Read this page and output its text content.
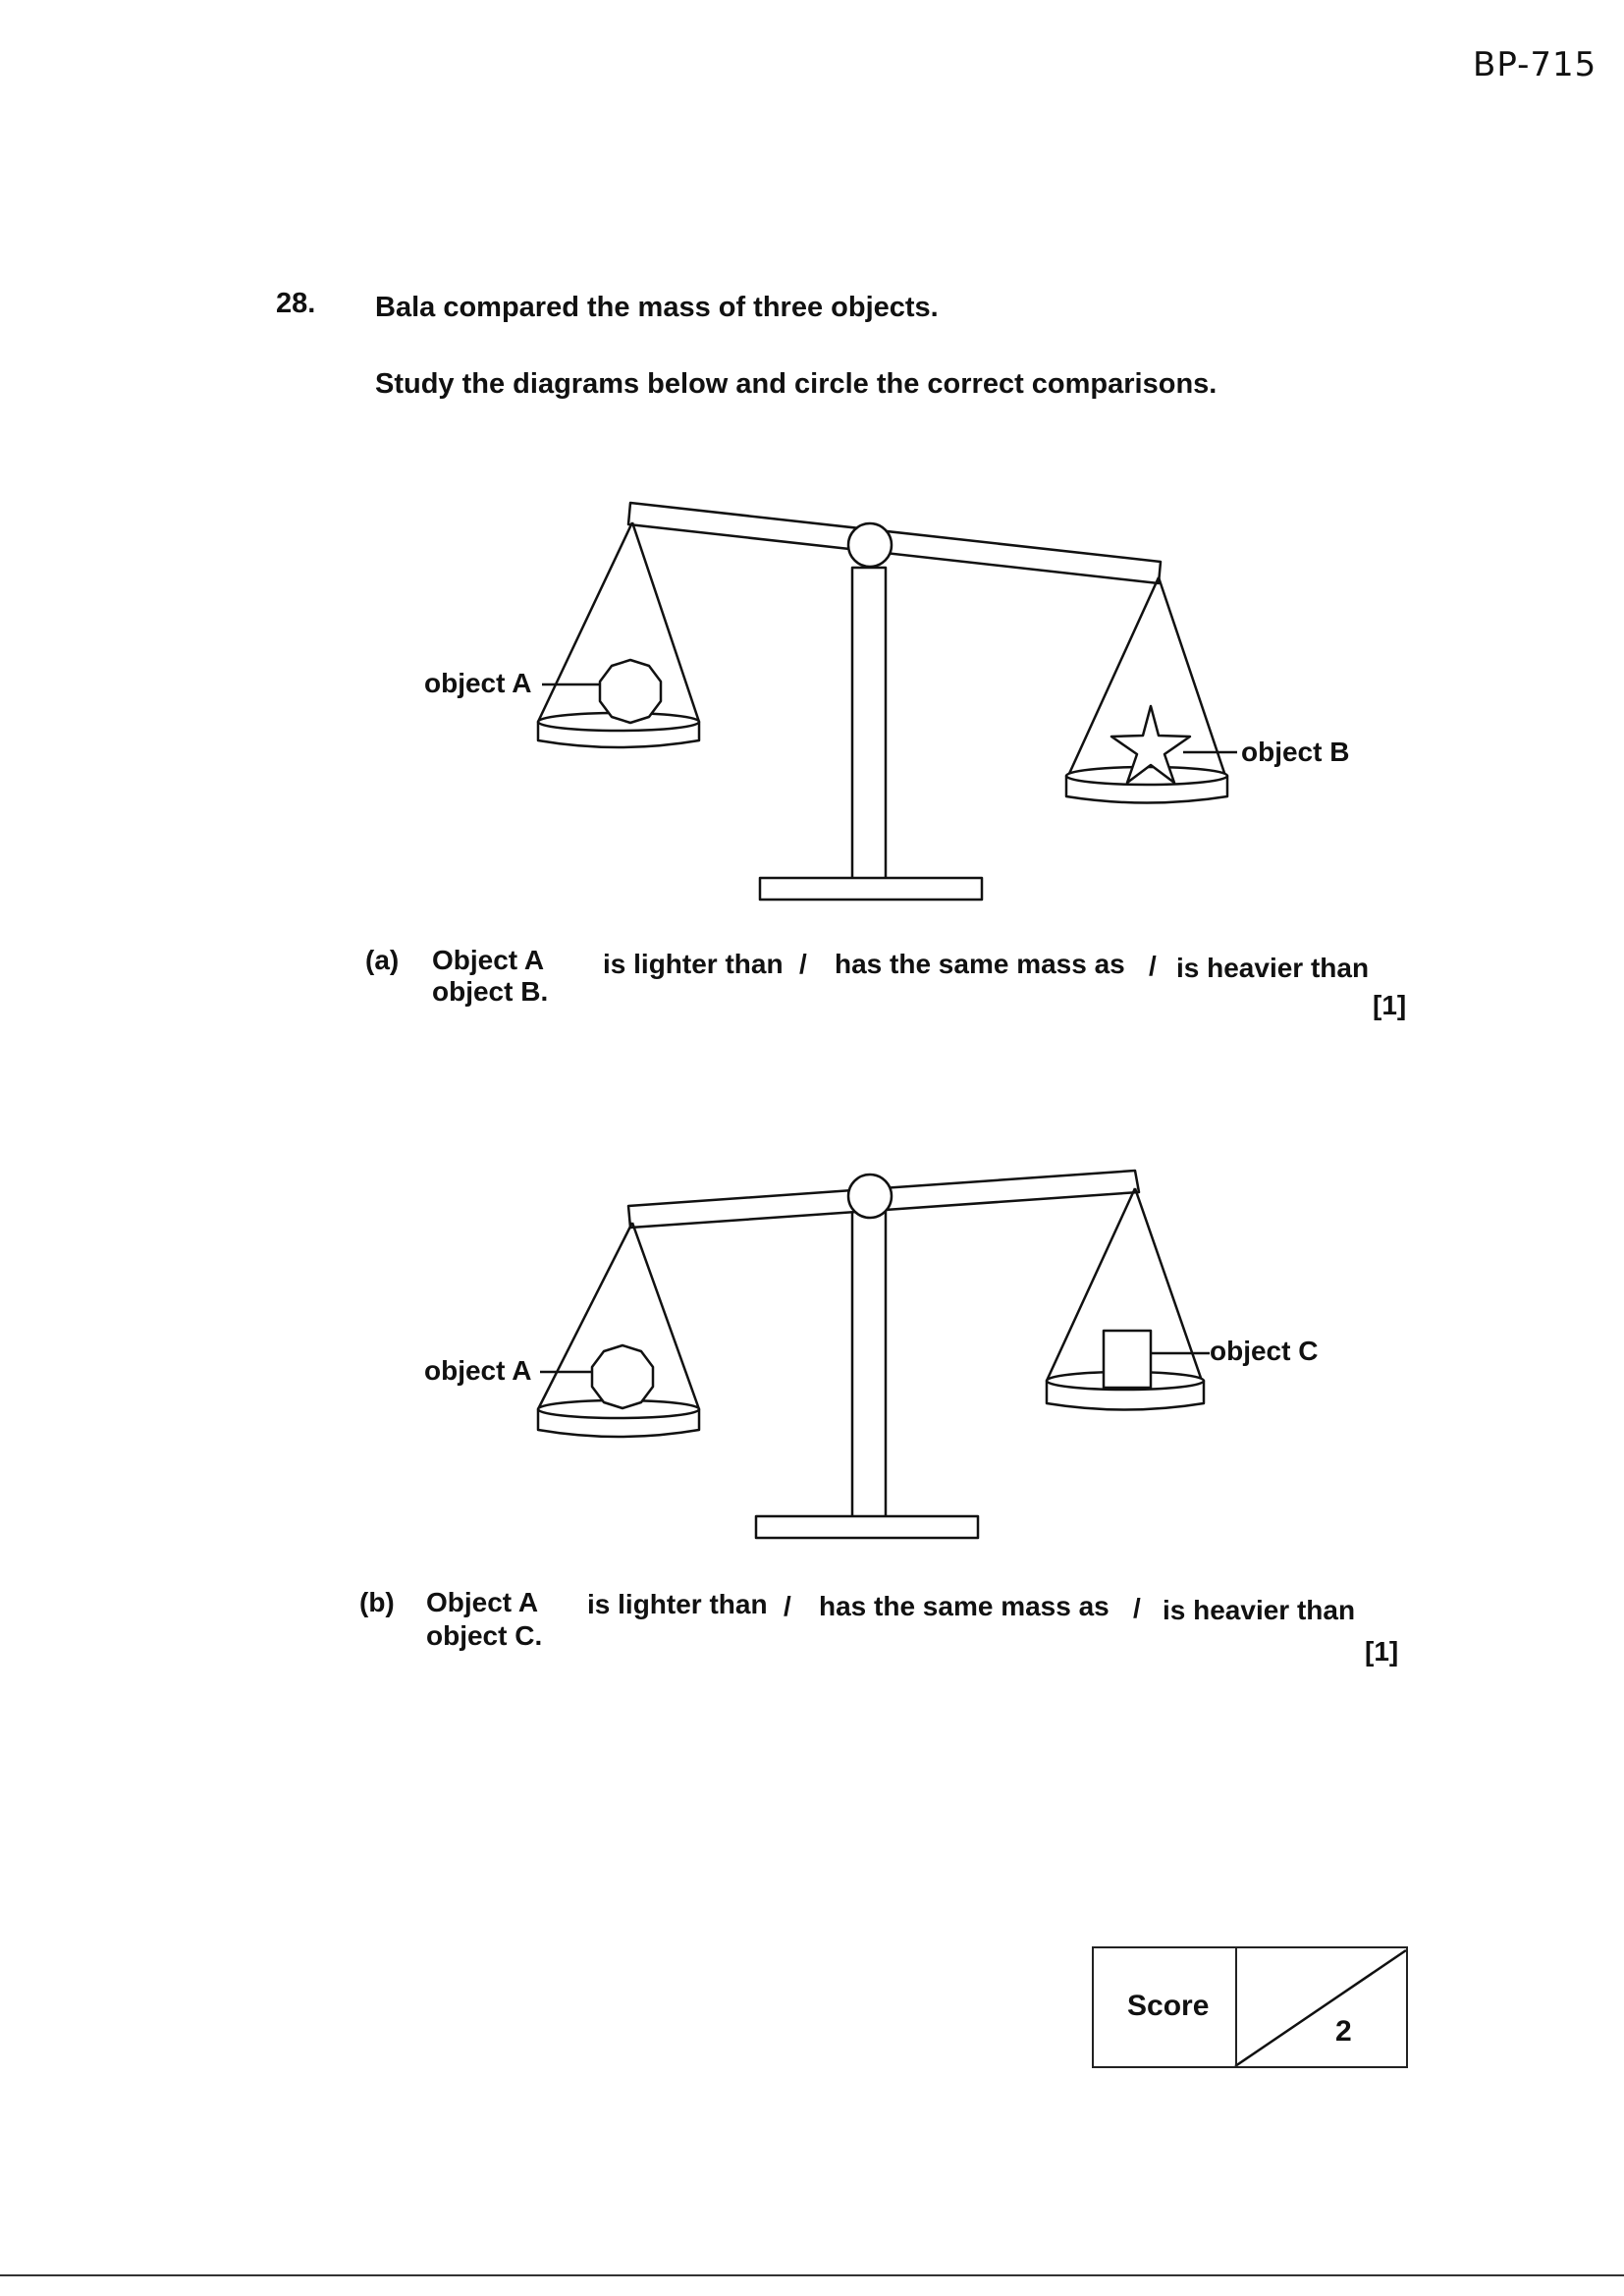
BP-715
28. Bala compared the mass of three objects.
Study the diagrams below and circle the correct comparisons.
object A
object B
(a) Object A is lighter than / has the same mass as / is heavier than
object B.	[1]
object A
object C
(b) Object A is lighter than / has the same mass as / is heavier than
object C.
[1]
Score
2
